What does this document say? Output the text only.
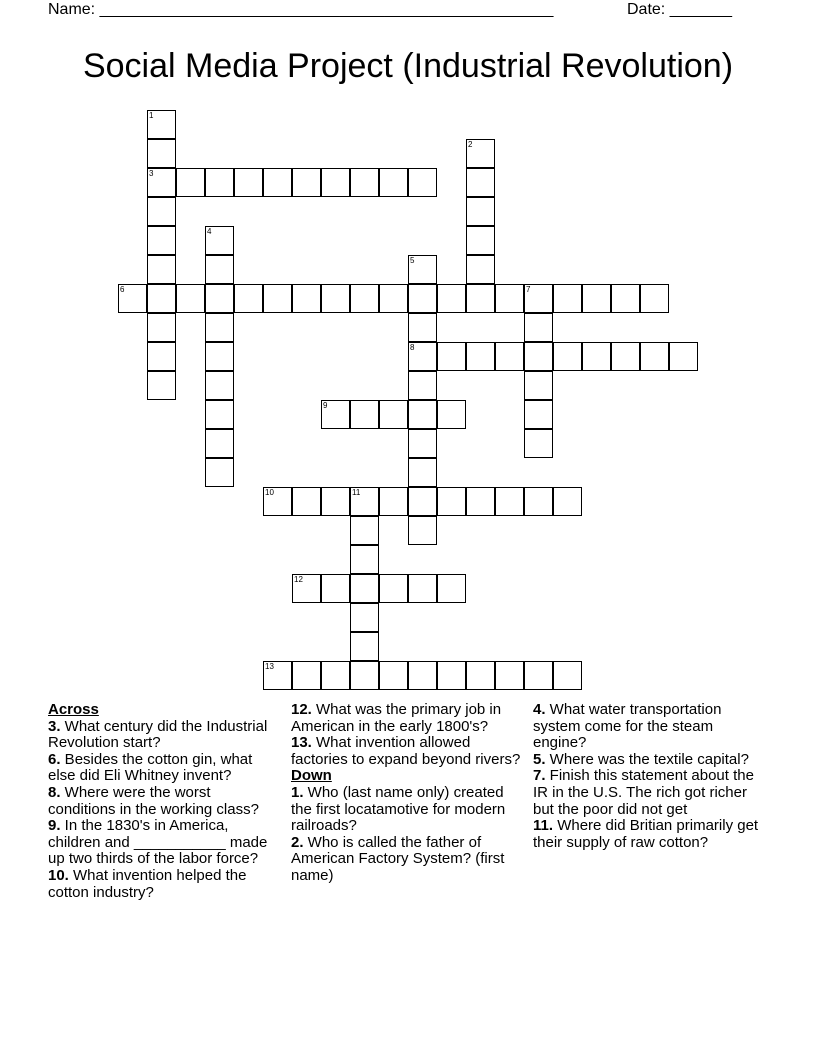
Name: ___________________________________________________	Date: _______
Social Media Project (Industrial Revolution)
1
3
2
4
5
8
6	7
9
10	11
12
13

Across

3. What century did the Industrial Revolution start?

6. Besides the cotton gin, what else did Eli Whitney invent?

8. Where were the worst conditions in the working class?

9. In the 1830's in America, children and ___________ made up two thirds of the labor force?

10. What invention helped the cotton industry?

12. What was the primary job in American in the early 1800's?

13. What invention allowed factories to expand beyond rivers?

Down

1. Who (last name only) created the first locatamotive for modern railroads?

2. Who is called the father of American Factory System? (first name)

4. What water transportation system come for the steam engine?

5. Where was the textile capital?

7. Finish this statement about the IR in the U.S. The rich got richer but the poor did not get

11. Where did Britian primarily get their supply of raw cotton?
